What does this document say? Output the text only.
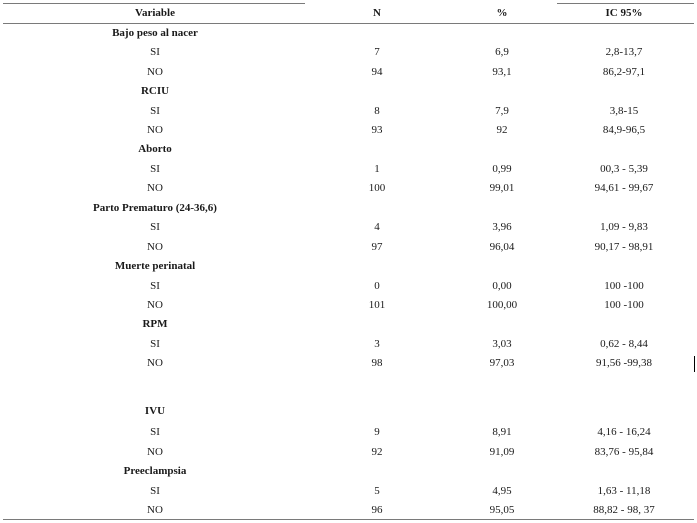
Variable	N	%	IC 95%
Bajo peso al nacer
SI	7	6,9	2,8-13,7
NO	94	93,1	86,2-97,1
RCIU
SI	8	7,9	3,8-15
NO	93	92	84,9-96,5
Aborto
SI	1	0,99	00,3 - 5,39
NO	100	99,01	94,61 - 99,67
Parto Prematuro (24-36,6)
SI	4	3,96	1,09 - 9,83
NO	97	96,04	90,17 - 98,91
Muerte perinatal
SI	0	0,00	100 -100
NO	101	100,00	100 -100
RPM
SI	3	3,03	0,62 - 8,44
NO	98	97,03	91,56 -99,38
IVU
SI	9	8,91	4,16 - 16,24
NO	92	91,09	83,76 - 95,84
Preeclampsia
SI	5	4,95	1,63 - 11,18
NO	96	95,05	88,82 - 98, 37
